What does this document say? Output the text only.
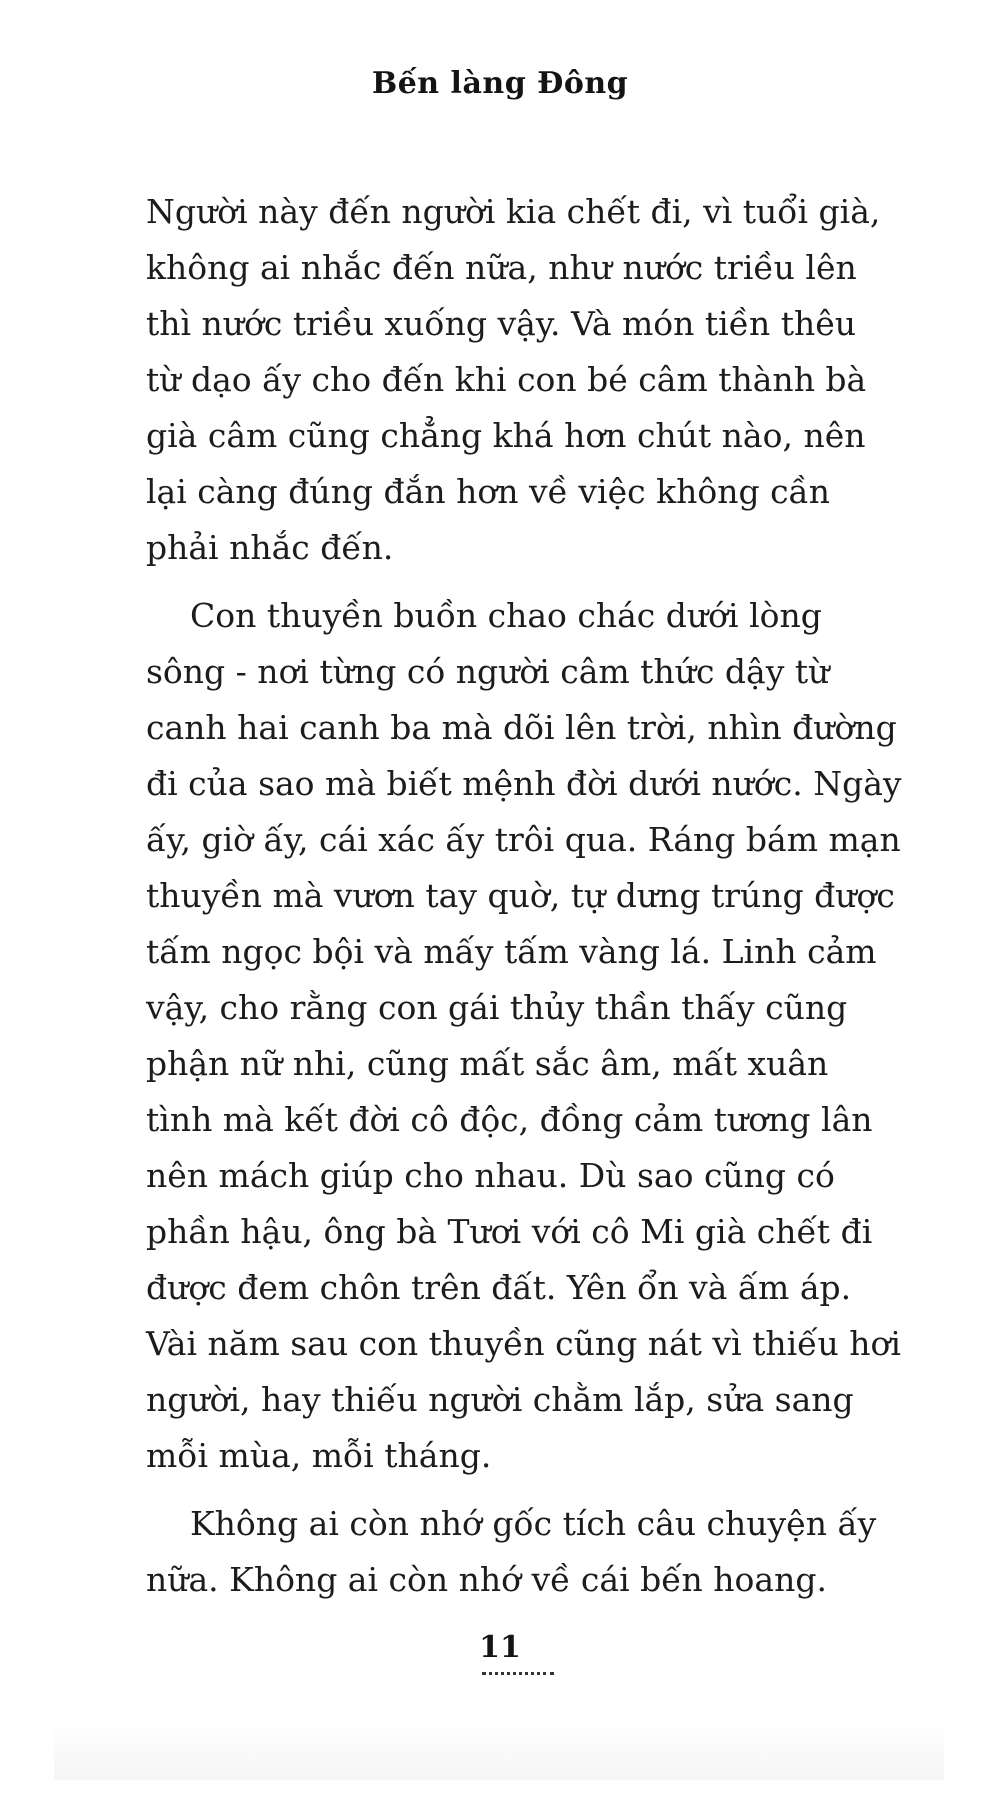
Bến làng Đông

Người này đến người kia chết đi, vì tuổi già,
không ai nhắc đến nữa, như nước triều lên
thì nước triều xuống vậy. Và món tiền thêu
từ dạo ấy cho đến khi con bé câm thành bà
già câm cũng chẳng khá hơn chút nào, nên
lại càng đúng đắn hơn về việc không cần
phải nhắc đến.

Con thuyền buồn chao chác dưới lòng
sông - nơi từng có người câm thức dậy từ
canh hai canh ba mà dõi lên trời, nhìn đường
đi của sao mà biết mệnh đời dưới nước. Ngày
ấy, giờ ấy, cái xác ấy trôi qua. Ráng bám mạn
thuyền mà vươn tay quờ, tự dưng trúng được
tấm ngọc bội và mấy tấm vàng lá. Linh cảm
vậy, cho rằng con gái thủy thần thấy cũng
phận nữ nhi, cũng mất sắc âm, mất xuân
tình mà kết đời cô độc, đồng cảm tương lân
nên mách giúp cho nhau. Dù sao cũng có
phần hậu, ông bà Tươi với cô Mi già chết đi
được đem chôn trên đất. Yên ổn và ấm áp.
Vài năm sau con thuyền cũng nát vì thiếu hơi
người, hay thiếu người chằm lắp, sửa sang
mỗi mùa, mỗi tháng.

Không ai còn nhớ gốc tích câu chuyện ấy
nữa. Không ai còn nhớ về cái bến hoang.

11
